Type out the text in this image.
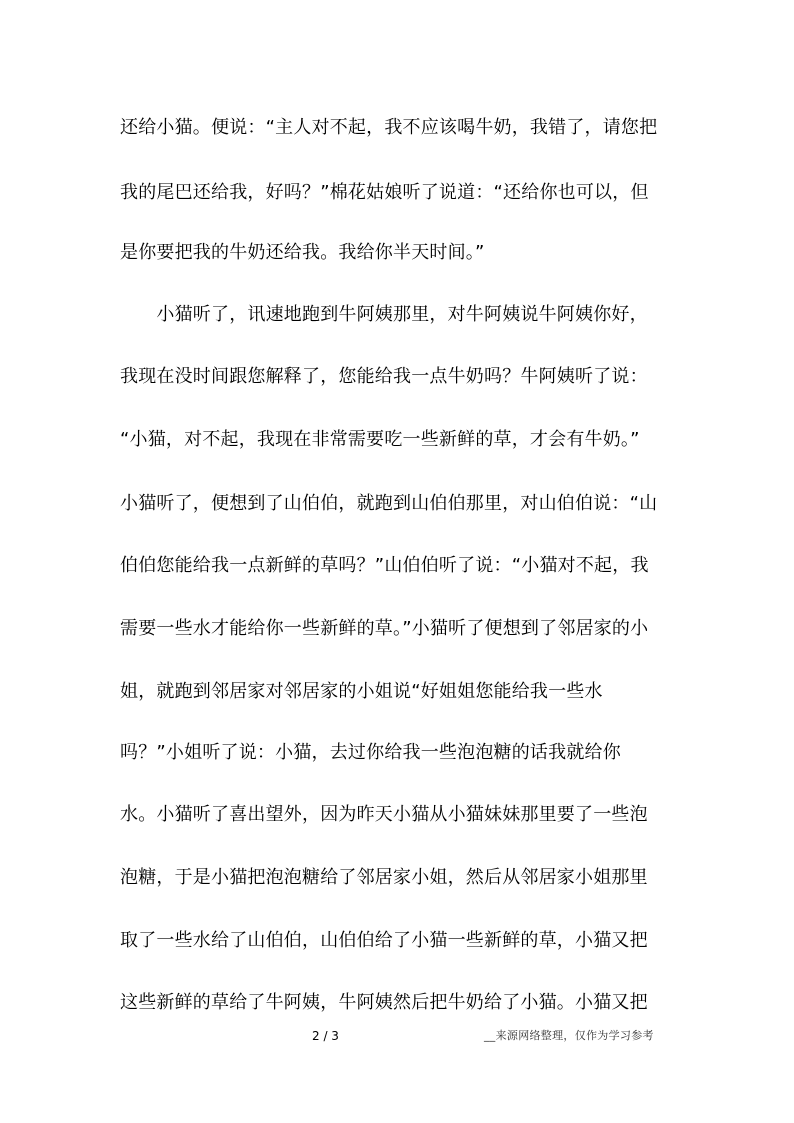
还给小猫。便说：“主人对不起，我不应该喝牛奶，我错了，请您把
我的尾巴还给我，好吗？”棉花姑娘听了说道：“还给你也可以，但
是你要把我的牛奶还给我。我给你半天时间。”
　　小猫听了，讯速地跑到牛阿姨那里，对牛阿姨说牛阿姨你好，
我现在没时间跟您解释了，您能给我一点牛奶吗？牛阿姨听了说：
“小猫，对不起，我现在非常需要吃一些新鲜的草，才会有牛奶。”
小猫听了，便想到了山伯伯，就跑到山伯伯那里，对山伯伯说：“山
伯伯您能给我一点新鲜的草吗？”山伯伯听了说：“小猫对不起，我
需要一些水才能给你一些新鲜的草。”小猫听了便想到了邻居家的小
姐，就跑到邻居家对邻居家的小姐说“好姐姐您能给我一些水
吗？”小姐听了说：小猫，去过你给我一些泡泡糖的话我就给你
水。小猫听了喜出望外，因为昨天小猫从小猫妹妹那里要了一些泡
泡糖，于是小猫把泡泡糖给了邻居家小姐，然后从邻居家小姐那里
取了一些水给了山伯伯，山伯伯给了小猫一些新鲜的草，小猫又把
这些新鲜的草给了牛阿姨，牛阿姨然后把牛奶给了小猫。小猫又把
2 / 3	__来源网络整理，仅作为学习参考
